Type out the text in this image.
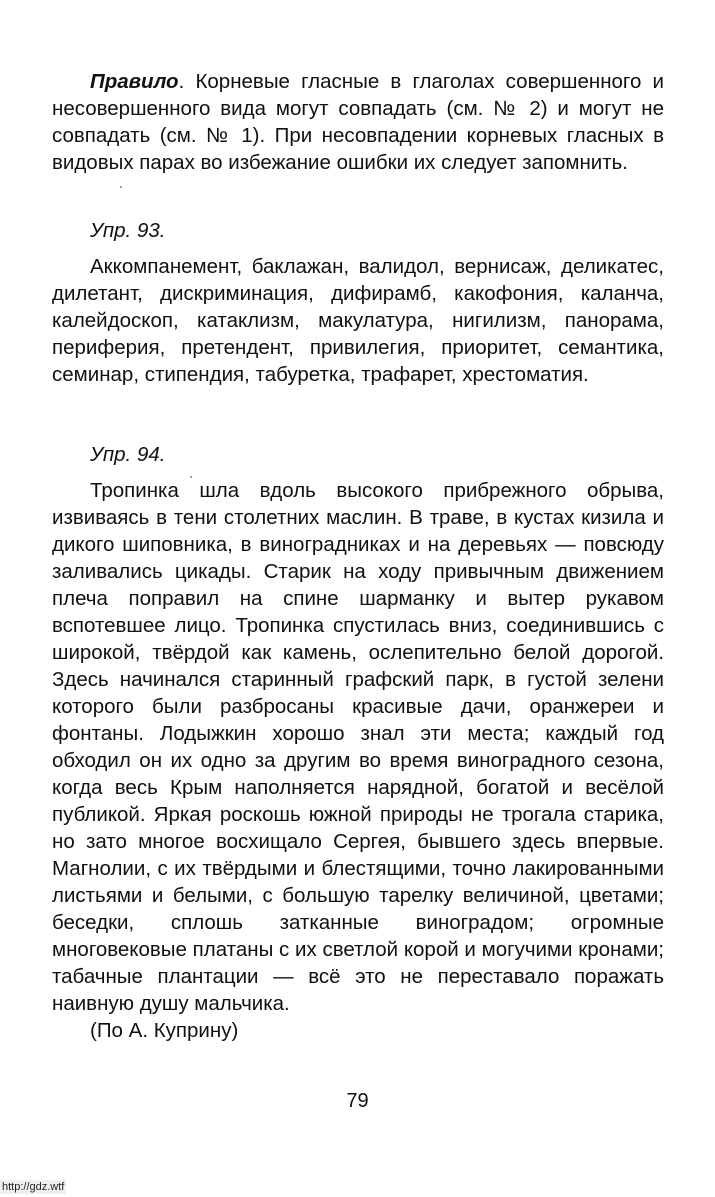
Правило. Корневые гласные в глаголах совершенного и несовершенного вида могут совпадать (см. № 2) и могут не совпадать (см. № 1). При несовпадении корневых гласных в видовых парах во избежание ошибки их следует запомнить.

Упр. 93.

Аккомпанемент, баклажан, валидол, вернисаж, деликатес, дилетант, дискриминация, дифирамб, какофония, каланча, калейдоскоп, катаклизм, макулатура, нигилизм, панорама, периферия, претендент, привилегия, приоритет, семантика, семинар, стипендия, табуретка, трафарет, хрестоматия.

Упр. 94.

Тропинка шла вдоль высокого прибрежного обрыва, извиваясь в тени столетних маслин. В траве, в кустах кизила и дикого шиповника, в виноградниках и на деревьях — повсюду заливались цикады. Старик на ходу привычным движением плеча поправил на спине шарманку и вытер рукавом вспотевшее лицо. Тропинка спустилась вниз, соединившись с широкой, твёрдой как камень, ослепительно белой дорогой. Здесь начинался старинный графский парк, в густой зелени которого были разбросаны красивые дачи, оранжереи и фонтаны. Лодыжкин хорошо знал эти места; каждый год обходил он их одно за другим во время виноградного сезона, когда весь Крым наполняется нарядной, богатой и весёлой публикой. Яркая роскошь южной природы не трогала старика, но зато многое восхищало Сергея, бывшего здесь впервые. Магнолии, с их твёрдыми и блестящими, точно лакированными листьями и белыми, с большую тарелку величиной, цветами; беседки, сплошь затканные виноградом; огромные многовековые платаны с их светлой корой и могучими кронами; табачные плантации — всё это не переставало поражать наивную душу мальчика.

(По А. Куприну)

79
http://gdz.wtf
